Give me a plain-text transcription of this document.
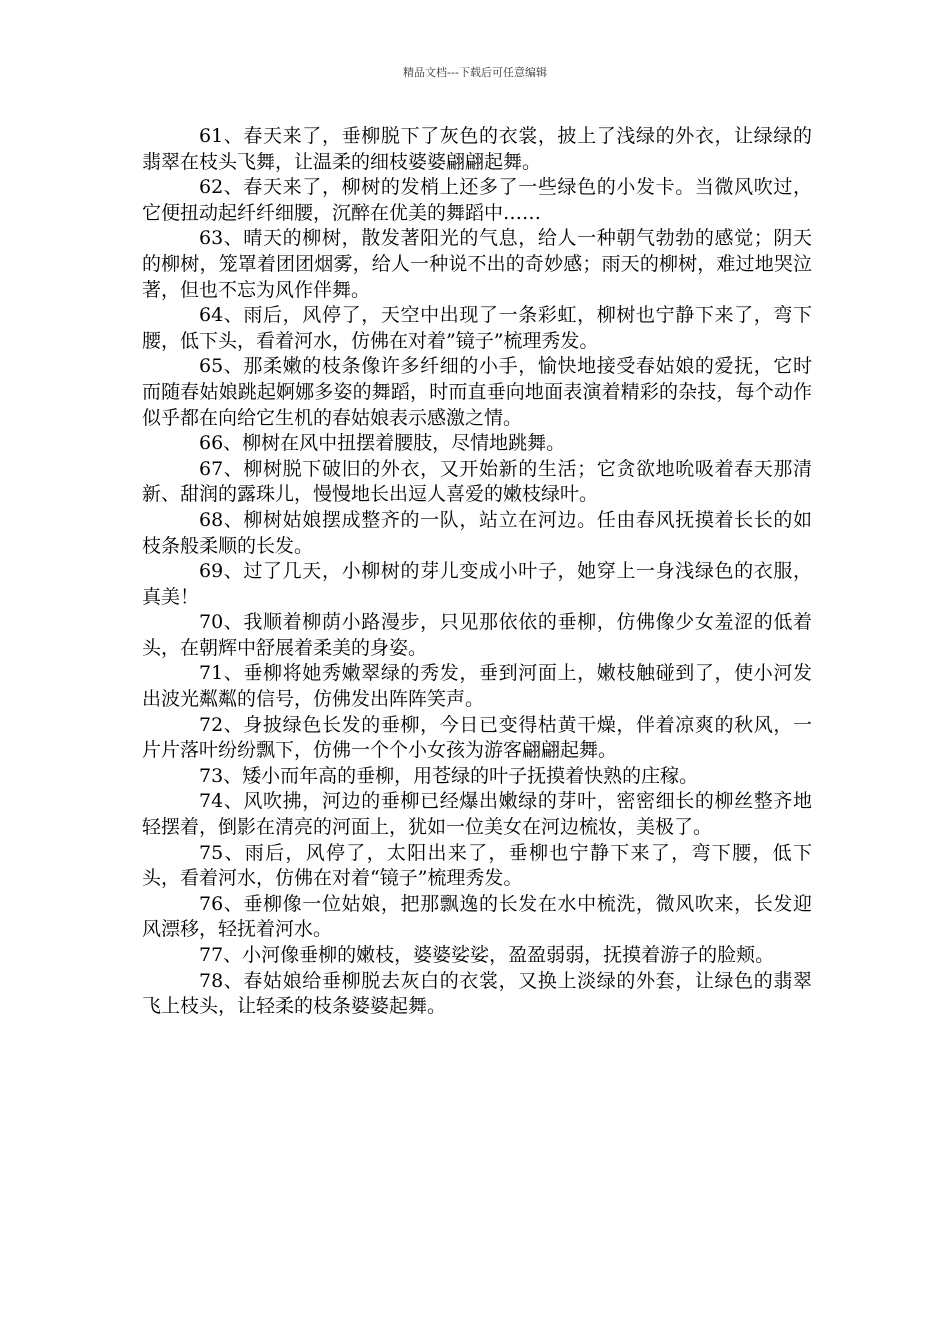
精品文档---下载后可任意编辑

61、春天来了，垂柳脱下了灰色的衣裳，披上了浅绿的外衣，让绿绿的翡翠在枝头飞舞，让温柔的细枝婆婆翩翩起舞。

62、春天来了，柳树的发梢上还多了一些绿色的小发卡。当微风吹过，它便扭动起纤纤细腰，沉醉在优美的舞蹈中……

63、晴天的柳树，散发著阳光的气息，给人一种朝气勃勃的感觉；阴天的柳树，笼罩着团团烟雾，给人一种说不出的奇妙感；雨天的柳树，难过地哭泣著，但也不忘为风作伴舞。

64、雨后，风停了，天空中出现了一条彩虹，柳树也宁静下来了，弯下腰，低下头，看着河水，仿佛在对着”镜子”梳理秀发。

65、那柔嫩的枝条像许多纤细的小手，愉快地接受春姑娘的爱抚，它时而随春姑娘跳起婀娜多姿的舞蹈，时而直垂向地面表演着精彩的杂技，每个动作似乎都在向给它生机的春姑娘表示感激之情。

66、柳树在风中扭摆着腰肢，尽情地跳舞。

67、柳树脱下破旧的外衣，又开始新的生活；它贪欲地吮吸着春天那清新、甜润的露珠儿，慢慢地长出逗人喜爱的嫩枝绿叶。

68、柳树姑娘摆成整齐的一队，站立在河边。任由春风抚摸着长长的如枝条般柔顺的长发。

69、过了几天，小柳树的芽儿变成小叶子，她穿上一身浅绿色的衣服，真美！

70、我顺着柳荫小路漫步，只见那依依的垂柳，仿佛像少女羞涩的低着头，在朝辉中舒展着柔美的身姿。

71、垂柳将她秀嫩翠绿的秀发，垂到河面上，嫩枝触碰到了，使小河发出波光粼粼的信号，仿佛发出阵阵笑声。

72、身披绿色长发的垂柳，今日已变得枯黄干燥，伴着凉爽的秋风，一片片落叶纷纷飘下，仿佛一个个小女孩为游客翩翩起舞。

73、矮小而年高的垂柳，用苍绿的叶子抚摸着快熟的庄稼。

74、风吹拂，河边的垂柳已经爆出嫩绿的芽叶，密密细长的柳丝整齐地轻摆着，倒影在清亮的河面上，犹如一位美女在河边梳妆，美极了。

75、雨后，风停了，太阳出来了，垂柳也宁静下来了，弯下腰，低下头，看着河水，仿佛在对着“镜子”梳理秀发。

76、垂柳像一位姑娘，把那飘逸的长发在水中梳洗，微风吹来，长发迎风漂移，轻抚着河水。

77、小河像垂柳的嫩枝，婆婆娑娑，盈盈弱弱，抚摸着游子的脸颊。

78、春姑娘给垂柳脱去灰白的衣裳，又换上淡绿的外套，让绿色的翡翠飞上枝头，让轻柔的枝条婆婆起舞。
